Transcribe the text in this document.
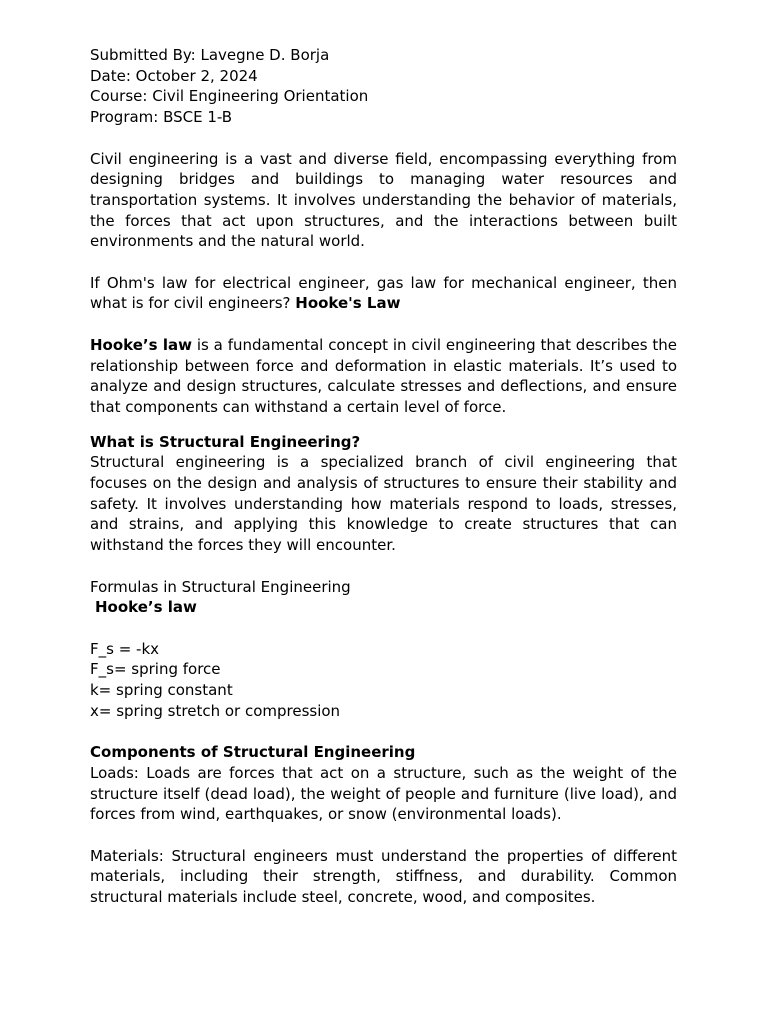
Submitted By: Lavegne D. Borja
Date: October 2, 2024
Course: Civil Engineering Orientation
Program: BSCE 1-B

Civil engineering is a vast and diverse field, encompassing everything from designing bridges and buildings to managing water resources and transportation systems. It involves understanding the behavior of materials, the forces that act upon structures, and the interactions between built environments and the natural world.

If Ohm's law for electrical engineer, gas law for mechanical engineer, then what is for civil engineers? Hooke's Law

Hooke’s law is a fundamental concept in civil engineering that describes the relationship between force and deformation in elastic materials. It’s used to analyze and design structures, calculate stresses and deflections, and ensure that components can withstand a certain level of force.

What is Structural Engineering?

Structural engineering is a specialized branch of civil engineering that focuses on the design and analysis of structures to ensure their stability and safety. It involves understanding how materials respond to loads, stresses, and strains, and applying this knowledge to create structures that can withstand the forces they will encounter.

Formulas in Structural Engineering
Hooke’s law
F_s = -kx
F_s= spring force
k= spring constant
x= spring stretch or compression
Components of Structural Engineering

Loads: Loads are forces that act on a structure, such as the weight of the structure itself (dead load), the weight of people and furniture (live load), and forces from wind, earthquakes, or snow (environmental loads).

Materials: Structural engineers must understand the properties of different materials, including their strength, stiffness, and durability. Common structural materials include steel, concrete, wood, and composites.
